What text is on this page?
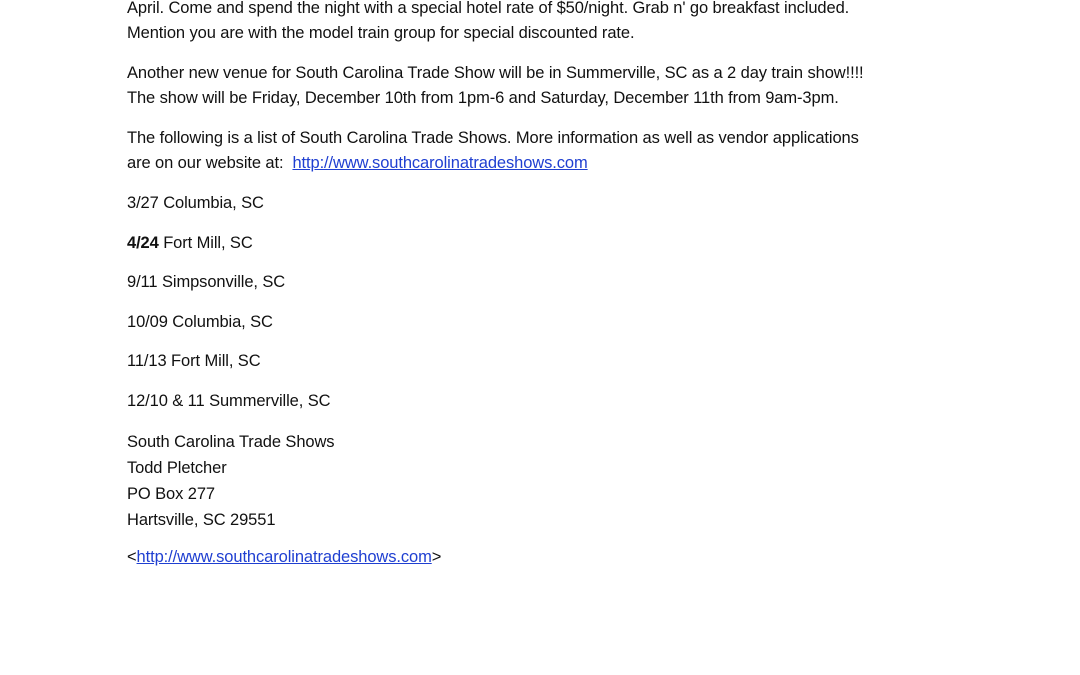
April. Come and spend the night with a special hotel rate of $50/night. Grab n' go breakfast included.
Mention you are with the model train group for special discounted rate.

Another new venue for South Carolina Trade Show will be in Summerville, SC as a 2 day train show!!!!
The show will be Friday, December 10th from 1pm-6 and Saturday, December 11th from 9am-3pm.

The following is a list of South Carolina Trade Shows. More information as well as vendor applications
are on our website at:  http://www.southcarolinatradeshows.com

3/27 Columbia, SC
4/24 Fort Mill, SC
9/11 Simpsonville, SC
10/09 Columbia, SC
11/13 Fort Mill, SC
12/10 & 11 Summerville, SC
South Carolina Trade Shows
Todd Pletcher
PO Box 277
Hartsville, SC 29551
<http://www.southcarolinatradeshows.com>
